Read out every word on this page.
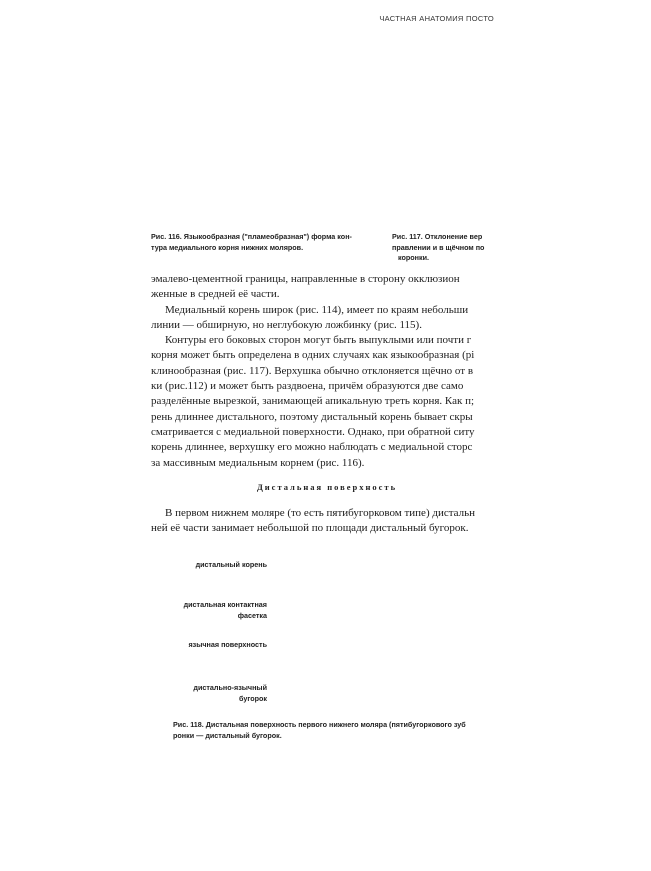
ЧАСТНАЯ АНАТОМИЯ ПОСТО
Рис. 116. Языкообразная ("пламеобразная") форма кон-
тура медиального корня нижних моляров.
Рис. 117. Отклонение вер
правлении и в щёчном по
коронки.
эмалево-цементной границы, направленные в сторону окклюзион
женные в средней её части.
Медиальный корень широк (рис. 114), имеет по краям небольши
линии — обширную, но неглубокую ложбинку (рис. 115).
Контуры его боковых сторон могут быть выпуклыми или почти г
корня может быть определена в одних случаях как языкообразная (рі
клинообразная (рис. 117). Верхушка обычно отклоняется щёчно от в
ки (рис.112) и может быть раздвоена, причём образуются две само
разделённые вырезкой, занимающей апикальную треть корня. Как п;
рень длиннее дистального, поэтому дистальный корень бывает скры
сматривается с медиальной поверхности. Однако, при обратной ситу
корень длиннее, верхушку его можно наблюдать с медиальной сторс
за массивным медиальным корнем (рис. 116).
Дистальная поверхность
В первом нижнем моляре (то есть пятибугорковом типе) дистальн
ней её части занимает небольшой по площади дистальный бугорок.
дистальный корень
дистальная контактная
фасетка
язычная поверхность
дистально-язычный
бугорок
Рис. 118. Дистальная поверхность первого нижнего моляра (пятибугоркового зуб
ронки — дистальный бугорок.
